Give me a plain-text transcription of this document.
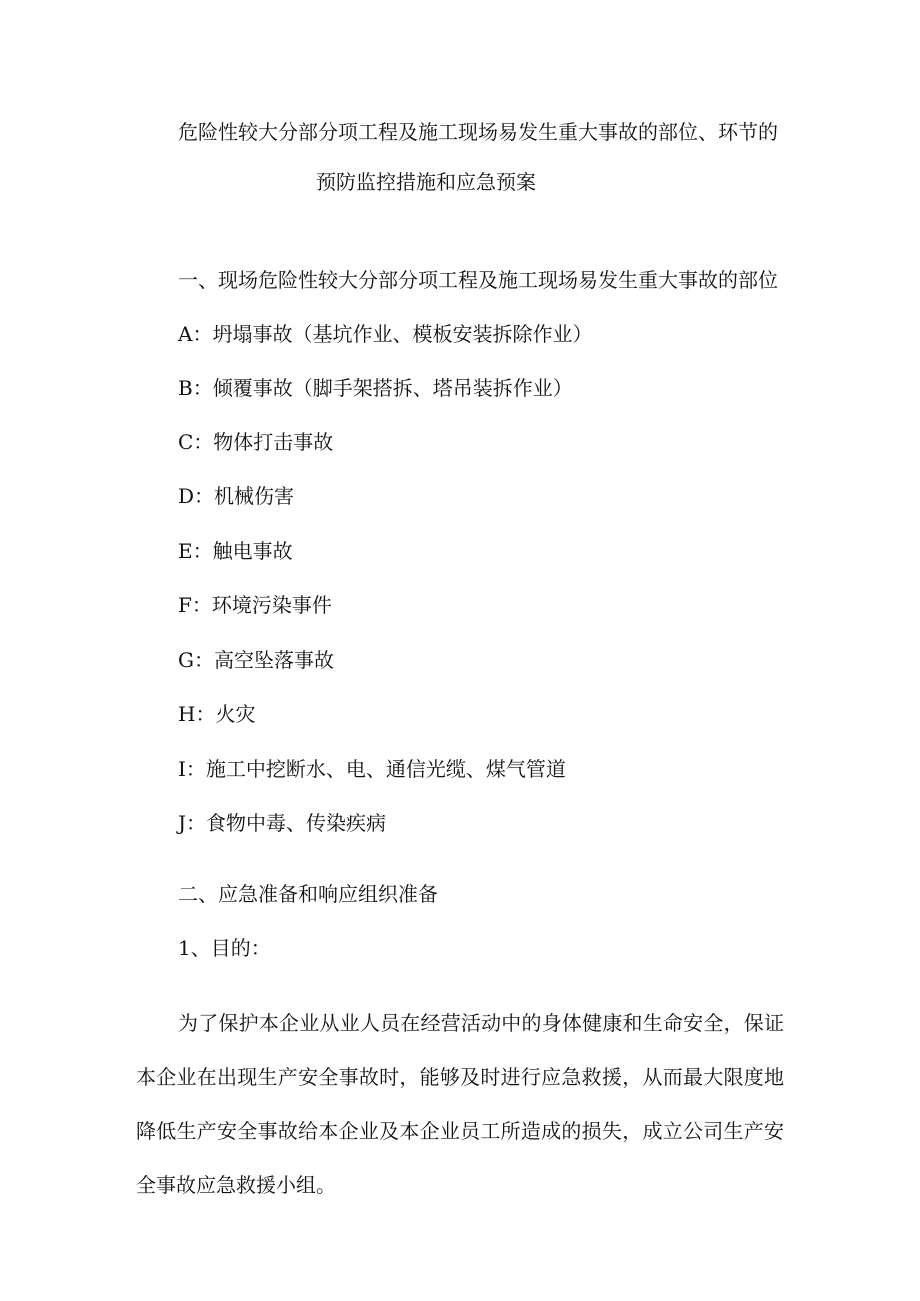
危险性较大分部分项工程及施工现场易发生重大事故的部位、环节的
预防监控措施和应急预案
一、现场危险性较大分部分项工程及施工现场易发生重大事故的部位
A：坍塌事故（基坑作业、模板安装拆除作业）
B：倾覆事故（脚手架搭拆、塔吊装拆作业）
C：物体打击事故
D：机械伤害
E：触电事故
F：环境污染事件
G：高空坠落事故
H：火灾
I：施工中挖断水、电、通信光缆、煤气管道
J：食物中毒、传染疾病
二、应急准备和响应组织准备
1、目的：
为了保护本企业从业人员在经营活动中的身体健康和生命安全，保证本企业在出现生产安全事故时，能够及时进行应急救援，从而最大限度地降低生产安全事故给本企业及本企业员工所造成的损失，成立公司生产安全事故应急救援小组。
